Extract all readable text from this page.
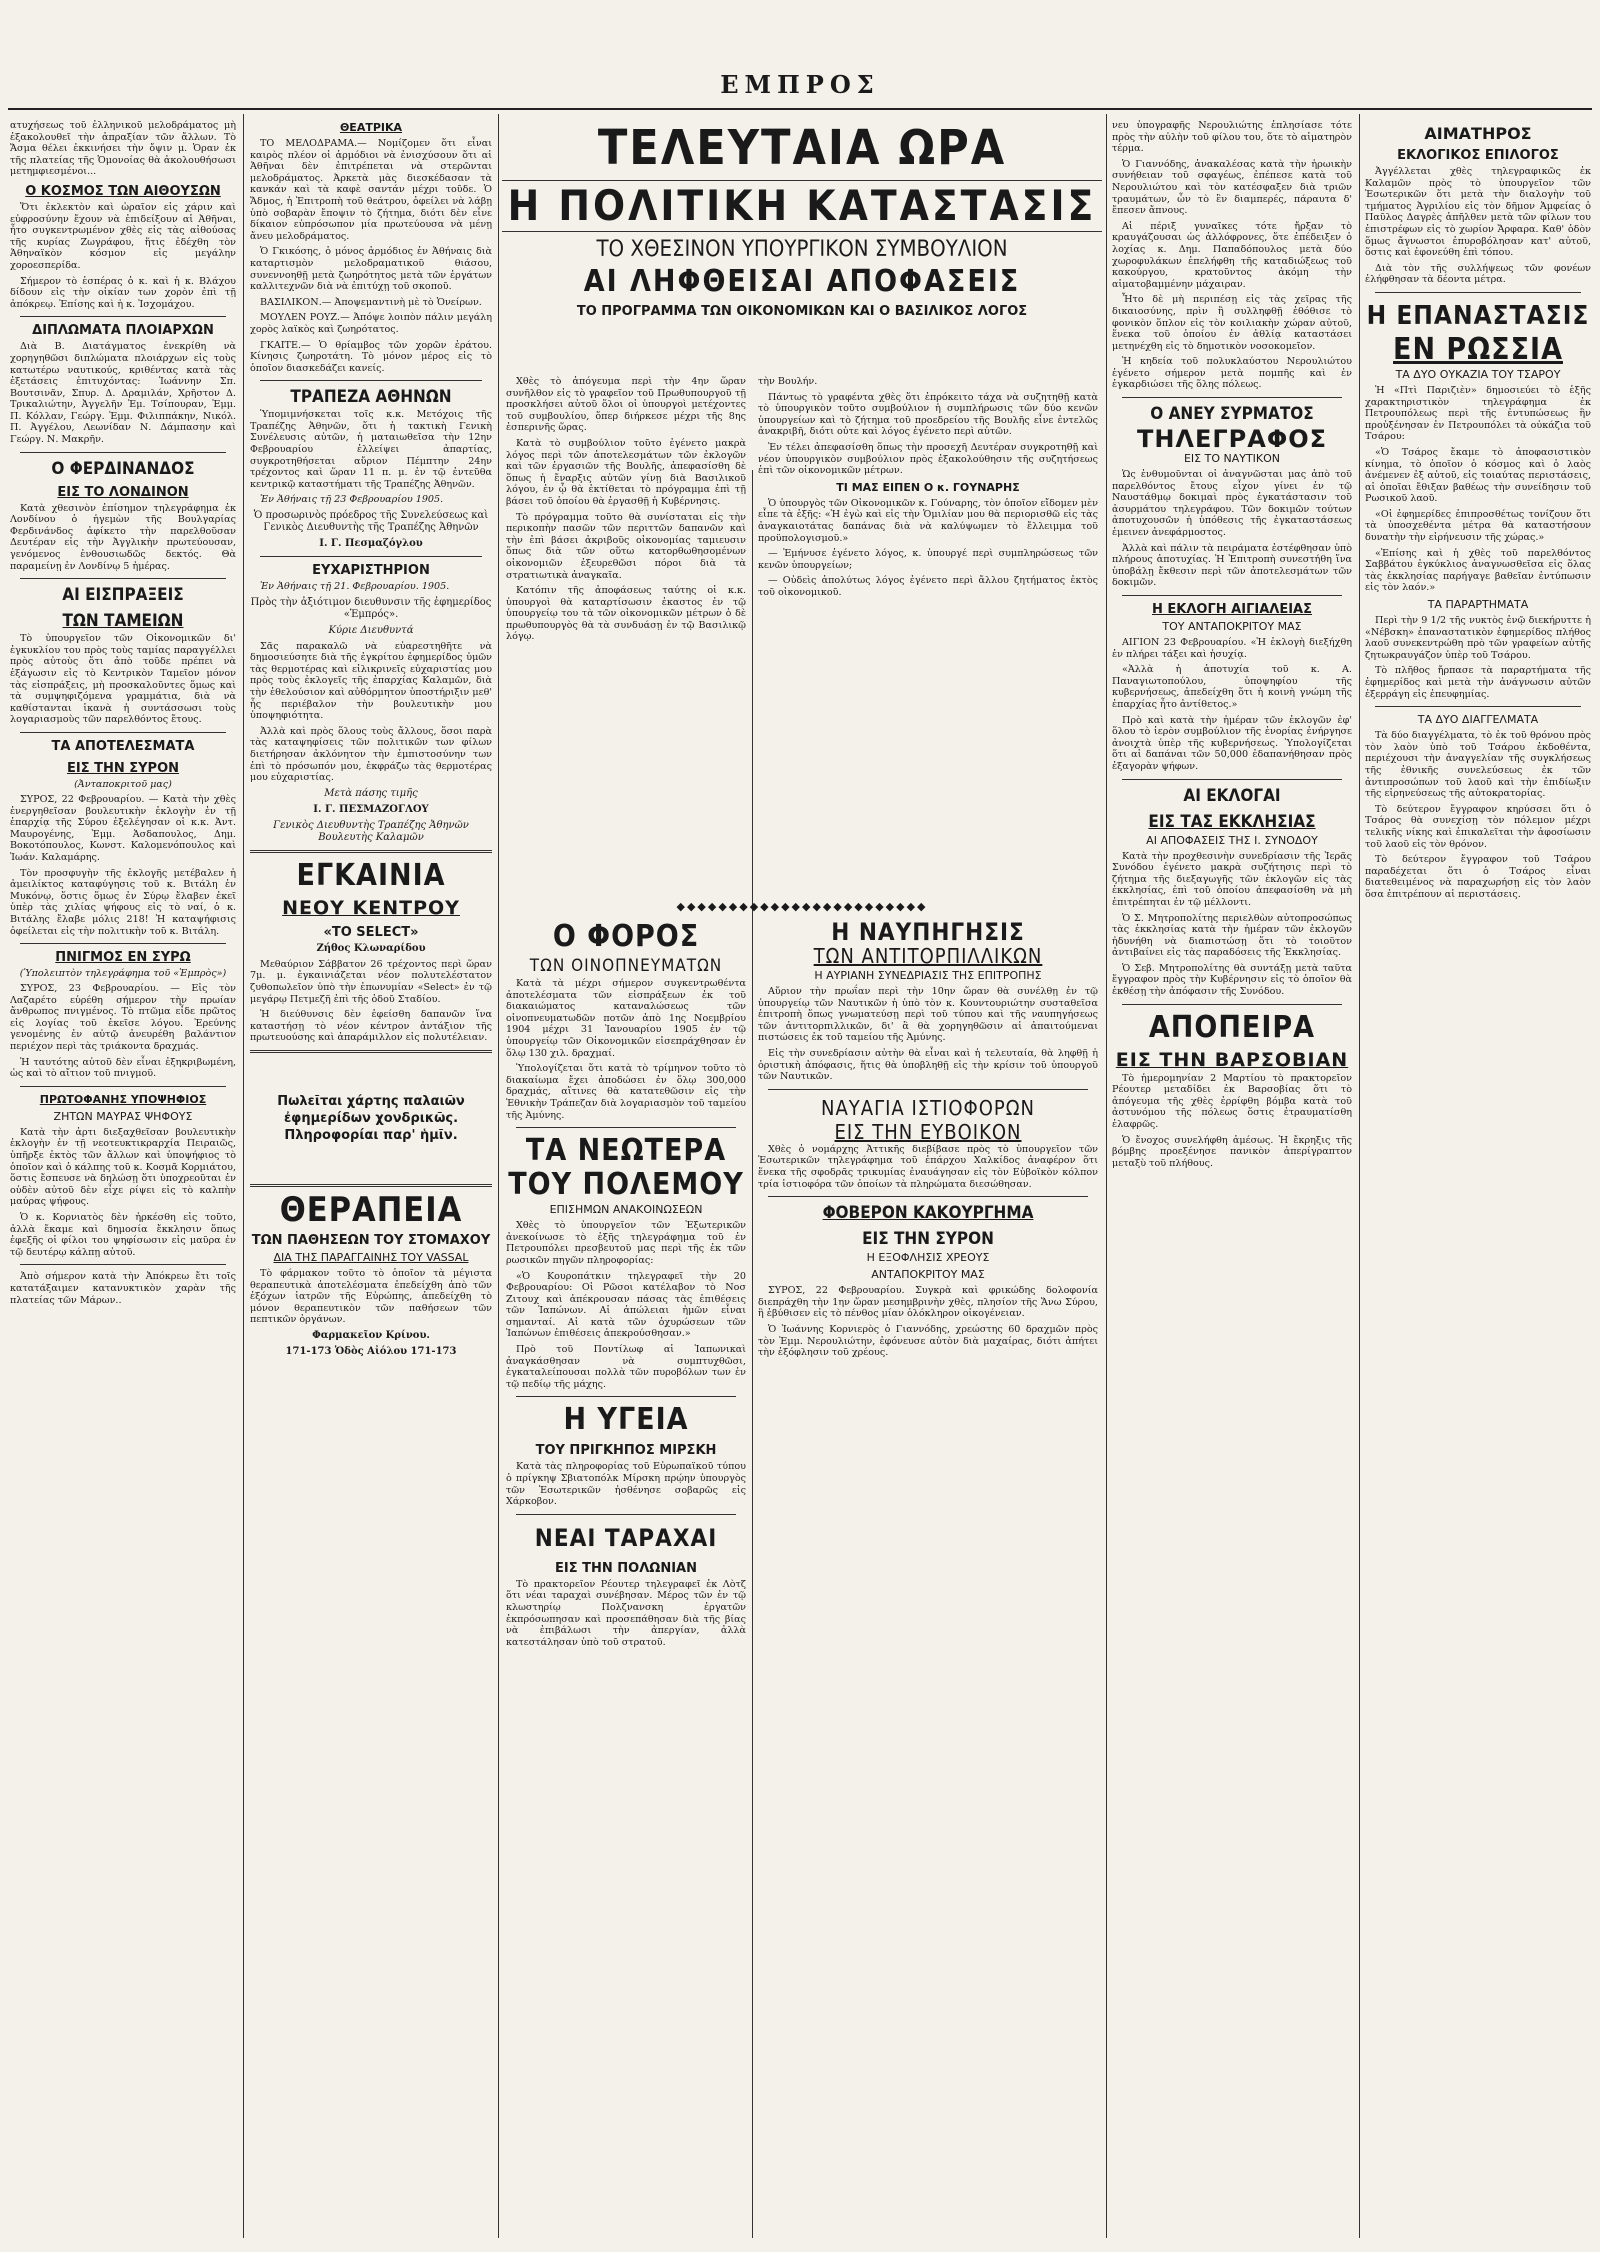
ΕΜΠΡΟΣ

ατυχήσεως τοῦ ἐλληνικοῦ μελοδράματος μὴ ἐξακολουθεῖ τὴν ἀπραξίαν τῶν ἄλλων. Τὸ Ἄσμα θέλει ἐκκινήσει τὴν ὄψιν μ. Ὁραν ἐκ τῆς πλατείας τῆς Ὁμονοίας θὰ ἀκολουθήσωσι μετημφιεσμένοι...

Ο ΚΟΣΜΟΣ ΤΩΝ ΑΙΘΟΥΣΩΝ

Ὅτι ἐκλεκτὸν καὶ ὡραῖον εἰς χάριν καὶ εὐφροσύνην ἔχουν νὰ ἐπιδείξουν αἱ Ἀθῆναι, ἦτο συγκεντρωμένον χθὲς εἰς τὰς αἰθούσας τῆς κυρίας Ζωγράφου, ἥτις ἐδέχθη τὸν Ἀθηναϊκὸν κόσμον εἰς μεγάλην χοροεσπερίδα.

Σήμερον τὸ ἑσπέρας ὁ κ. καὶ ἡ κ. Βλάχου δίδουν εἰς τὴν οἰκίαν των χορὸν ἐπὶ τῇ ἀπόκρεῳ. Ἐπίσης καὶ ἡ κ. Ἰσχομάχου.

ΔΙΠΛΩΜΑΤΑ ΠΛΟΙΑΡΧΩΝ

Διὰ Β. Διατάγματος ἐνεκρίθη νὰ χορηγηθῶσι διπλώματα πλοιάρχων εἰς τοὺς κατωτέρω ναυτικούς, κριθέντας κατὰ τὰς ἐξετάσεις ἐπιτυχόντας: Ἰωάννην Σπ. Βουτσινᾶν, Σπυρ. Δ. Δραμιλάν, Χρῆστον Δ. Τρικαλιώτην, Ἀγγελῆν Ἐμ. Τσίπουραν, Ἐμμ. Π. Κόλλαν, Γεώργ. Ἐμμ. Φιλιππάκην, Νικόλ. Π. Ἀγγέλου, Λεωνίδαν Ν. Δάμπασην καὶ Γεώργ. Ν. Μακρῆν.

Ο ΦΕΡΔΙΝΑΝΔΟΣ
ΕΙΣ ΤΟ ΛΟΝΔΙΝΟΝ

Κατὰ χθεσινὸν ἐπίσημον τηλεγράφημα ἐκ Λονδίνου ὁ ἡγεμὼν τῆς Βουλγαρίας Φερδινάνδος ἀφίκετο τὴν παρελθοῦσαν Δευτέραν εἰς τὴν Ἀγγλικὴν πρωτεύουσαν, γενόμενος ἐνθουσιωδῶς δεκτός. Θὰ παραμείνῃ ἐν Λονδίνῳ 5 ἡμέρας.

ΑΙ ΕΙΣΠΡΑΞΕΙΣ
ΤΩΝ ΤΑΜΕΙΩΝ

Τὸ ὑπουργεῖον τῶν Οἰκονομικῶν δι' ἐγκυκλίου του πρὸς τοὺς ταμίας παραγγέλλει πρὸς αὐτοὺς ὅτι ἀπὸ τοῦδε πρέπει νὰ ἐξάγωσιν εἰς τὸ Κεντρικὸν Ταμεῖον μόνον τὰς εἰσπράξεις, μὴ προσκαλοῦντες ὅμως καὶ τὰ συμψηφιζόμενα γραμμάτια, διὰ νὰ καθίστανται ἱκανὰ ἡ συντάσσωσι τοὺς λογαριασμοὺς τῶν παρελθόντος ἔτους.

ΤΑ ΑΠΟΤΕΛΕΣΜΑΤΑ
ΕΙΣ ΤΗΝ ΣΥΡΟΝ
(Ἀνταποκριτοῦ μας)

ΣΥΡΟΣ, 22 Φεβρουαρίου. — Κατὰ τὴν χθὲς ἐνεργηθεῖσαν βουλευτικὴν ἐκλογὴν ἐν τῇ ἐπαρχίᾳ τῆς Σύρου ἐξελέγησαν οἱ κ.κ. Ἀντ. Μαυρογένης, Ἐμμ. Ἀσδαπουλος, Δημ. Βοκοτόπουλος, Κωνστ. Καλομενόπουλος καὶ Ἰωάν. Καλαμάρης.

Τὸν προσφυγὴν τῆς ἐκλογῆς μετέβαλεν ἡ ἀμειλίκτος καταφύγησις τοῦ κ. Βιτάλη ἐν Μυκόνῳ, ὅστις ὅμως ἐν Σύρῳ ἔλαβεν ἐκεῖ ὑπὲρ τὰς χιλίας ψήφους εἰς τὸ ναί, ὁ κ. Βιτάλης ἔλαβε μόλις 218! Ἡ καταψήφισις ὀφείλεται εἰς τὴν πολιτικὴν τοῦ κ. Βιτάλη.

ΠΝΙΓΜΟΣ ΕΝ ΣΥΡΩ
(Ὑπολειπτὸν τηλεγράφημα τοῦ «Ἐμπρὸς»)

ΣΥΡΟΣ, 23 Φεβρουαρίου. — Εἰς τὸν Λαζαρέτο εὑρέθη σήμερον τὴν πρωίαν ἄνθρωπος πνιγμένος. Τὸ πτῶμα εἶδε πρῶτος εἰς λογίας τοῦ ἐκεῖσε λόγου. Ἐρεύνης γενομένης ἐν αὐτῷ ἀνευρέθη βαλάντιον περιέχον περὶ τὰς τριάκοντα δραχμάς.

Ἡ ταυτότης αὐτοῦ δὲν εἶναι ἐξηκριβωμένη, ὡς καὶ τὸ αἴτιον τοῦ πνιγμοῦ.

ΠΡΩΤΟΦΑΝΗΣ ΥΠΟΨΗΦΙΟΣ
ΖΗΤΩΝ ΜΑΥΡΑΣ ΨΗΦΟΥΣ

Κατὰ τὴν ἀρτι διεξαχθεῖσαν βουλευτικὴν ἐκλογὴν ἐν τῇ νεοτευκτικραρχία Πειραιῶς, ὑπῆρξε ἐκτὸς τῶν ἄλλων καὶ ὑποψήφιος τὸ ὁποῖον καὶ ὁ κάλπης τοῦ κ. Κοσμᾶ Κορμιάτου, ὅστις ἔσπευσε νὰ δηλώσῃ ὅτι ὑποχρεοῦται ἐν οὐδὲν αὐτοῦ δὲν εἶχε ρίψει εἰς τὸ καλπὴν μαύρας ψήφους.

Ὁ κ. Κορνιατὸς δὲν ἠρκέσθη εἰς τοῦτο, ἀλλὰ ἔκαμε καὶ δημοσία ἔκκλησιν ὅπως ἐφεξῆς οἱ φίλοι του ψηφίσωσιν εἰς μαῦρα ἐν τῷ δευτέρῳ κάλπῃ αὐτοῦ.

Ἀπὸ σήμερον κατὰ τὴν Ἀπόκρεω ἔτι τοῖς κατατάξαιμεν κατανυκτικὸν χαρὰν τῆς πλατείας τῶν Μάρων..

ΘΕΑΤΡΙΚΑ

ΤΟ ΜΕΛΟΔΡΑΜΑ.— Νομίζομεν ὅτι εἶναι καιρὸς πλέον οἱ ἁρμόδιοι νὰ ἐνισχύσουν ὅτι αἱ Ἀθῆναι δὲν ἐπιτρέπεται νὰ στερῶνται μελοδράματος. Ἀρκετὰ μὰς διεσκέδασαν τὰ κανκάν καὶ τὰ καφὲ σαντάν μέχρι τοῦδε. Ὁ Ἄδμος, ἡ Ἐπιτροπὴ τοῦ θεάτρου, ὀφείλει νὰ λάβῃ ὑπὸ σοβαρὰν ἔποψιν τὸ ζήτημα, διότι δὲν εἶνε δίκαιον εὐπρόσωπον μία πρωτεύουσα νὰ μένῃ ἄνευ μελοδράματος.

Ὁ Γκικόσης, ὁ μόνος ἁρμόδιος ἐν Ἀθήναις διὰ καταρτισμὸν μελοδραματικοῦ θιάσου, συνεννοηθῇ μετὰ ζωηρότητος μετὰ τῶν ἐργάτων καλλιτεχνῶν διὰ νὰ ἐπιτύχῃ τοῦ σκοποῦ.

ΒΑΣΙΛΙΚΟΝ.— Ἀποψεμαντινὴ μὲ τὸ Ὁνείρων.

ΜΟΥΛΕΝ ΡΟΥΖ.— Ἀπόψε λοιπὸν πάλιν μεγάλη χορὸς λαϊκὸς καὶ ζωηρότατος.

ΓΚΑΙΤΕ.— Ὁ θρίαμβος τῶν χορῶν ἐράτου. Κίνησις ζωηροτάτη. Τὸ μόνον μέρος εἰς τὸ ὁποῖον διασκεδάζει κανείς.

ΤΡΑΠΕΖΑ ΑΘΗΝΩΝ

Ὑπομιμνήσκεται τοῖς κ.κ. Μετόχοις τῆς Τραπέζης Ἀθηνῶν, ὅτι ἡ τακτικὴ Γενικὴ Συνέλευσις αὐτῶν, ἡ ματαιωθεῖσα τὴν 12ην Φεβρουαρίου ἐλλείψει ἀπαρτίας, συγκροτηθήσεται αὔριον Πέμπτην 24ην τρέχοντος καὶ ὥραν 11 π. μ. ἐν τῷ ἐντεῦθα κεντρικῷ καταστήματι τῆς Τραπέζης Ἀθηνῶν.

Ἐν Ἀθήναις τῇ 23 Φεβρουαρίου 1905.

Ὁ προσωρινὸς πρόεδρος τῆς Συνελεύσεως καὶ Γενικὸς Διευθυντὴς τῆς Τραπέζης Ἀθηνῶν
Ι. Γ. Πεσμαζόγλου
ΕΥΧΑΡΙΣΤΗΡΙΟΝ

Ἐν Ἀθήναις τῇ 21. Φεβρουαρίου. 1905.

Πρὸς τὴν ἀξιότιμον διευθυνσιν τῆς ἐφημερίδος «Ἐμπρός».
Κύριε Διευθυντά

Σᾶς παρακαλῶ νὰ εὐαρεστηθῆτε νὰ δημοσιεύσητε διὰ τῆς ἐγκρίτου ἐφημερίδος ὑμῶν τὰς θερμοτέρας καὶ εἰλικρινεῖς εὐχαριστίας μου πρὸς τοὺς ἐκλογεῖς τῆς ἐπαρχίας Καλαμῶν, διὰ τὴν ἐθελούσιον καὶ αὐθόρμητον ὑποστήριξιν μεθ' ἧς περιέβαλον τὴν βουλευτικὴν μου ὑποψηφιότητα.

Ἀλλὰ καὶ πρὸς ὅλους τοὺς ἄλλους, ὅσοι παρὰ τὰς καταψηφίσεις τῶν πολιτικῶν των φίλων διετήρησαν ἀκλόνητον τὴν ἐμπιστοσύνην των ἐπὶ τὸ πρόσωπόν μου, ἐκφράζω τὰς θερμοτέρας μου εὐχαριστίας.

Μετὰ πάσης τιμῆς
Ι. Γ. ΠΕΣΜΑΖΟΓΛΟΥ
Γενικὸς Διευθυντὴς Τραπέζης Ἀθηνῶν Βουλευτὴς Καλαμῶν
ΕΓΚΑΙΝΙΑ
ΝΕΟΥ ΚΕΝΤΡΟΥ
«ΤΟ SELECT»
Ζήθος Κλωναρίδου

Μεθαύριον Σάββατον 26 τρέχοντος περὶ ὥραν 7μ. μ. ἐγκαινιάζεται νέον πολυτελέστατον ζυθοπωλεῖον ὑπὸ τὴν ἐπωνυμίαν «Select» ἐν τῷ μεγάρῳ Πετμεζῆ ἐπὶ τῆς ὁδοῦ Σταδίου.

Ἡ διεύθυνσις δὲν ἐφείσθη δαπανῶν ἵνα καταστήσῃ τὸ νέον κέντρον ἀντάξιον τῆς πρωτευούσης καὶ ἀπαράμιλλον εἰς πολυτέλειαν.

Πωλεῖται χάρτης παλαιῶν ἐφημερίδων χονδρικῶς. Πληροφορίαι παρ' ἡμῖν.
ΘΕΡΑΠΕΙΑ
ΤΩΝ ΠΑΘΗΣΕΩΝ ΤΟΥ ΣΤΟΜΑΧΟΥ
ΔΙΑ ΤΗΣ ΠΑΡΑΓΓΑΙΝΗΣ ΤΟΥ VASSAL

Τὸ φάρμακον τοῦτο τὸ ὁποῖον τὰ μέγιστα θεραπευτικὰ ἀποτελέσματα ἐπεδείχθη ἀπὸ τῶν ἐξόχων ἰατρῶν τῆς Εὐρώπης, ἀπεδείχθη τὸ μόνον θεραπευτικὸν τῶν παθήσεων τῶν πεπτικῶν ὀργάνων.

Φαρμακεῖον Κρίνου.
171-173 Ὁδὸς Αἰόλου 171-173
ΤΕΛΕΥΤΑΙΑ ΩΡΑ
Η ΠΟΛΙΤΙΚΗ ΚΑΤΑΣΤΑΣΙΣ
ΤΟ ΧΘΕΣΙΝΟΝ ΥΠΟΥΡΓΙΚΟΝ ΣΥΜΒΟΥΛΙΟΝ
ΑΙ ΛΗΦΘΕΙΣΑΙ ΑΠΟΦΑΣΕΙΣ
ΤΟ ΠΡΟΓΡΑΜΜΑ ΤΩΝ ΟΙΚΟΝΟΜΙΚΩΝ ΚΑΙ Ο ΒΑΣΙΛΙΚΟΣ ΛΟΓΟΣ

Χθὲς τὸ ἀπόγευμα περὶ τὴν 4ην ὥραν συνῆλθον εἰς τὸ γραφεῖον τοῦ Πρωθυπουργοῦ τῇ προσκλήσει αὐτοῦ ὅλοι οἱ ὑπουργοὶ μετέχοντες τοῦ συμβουλίου, ὅπερ διήρκεσε μέχρι τῆς 8ης ἑσπερινῆς ὥρας.

Κατὰ τὸ συμβούλιον τοῦτο ἐγένετο μακρὰ λόγος περὶ τῶν ἀποτελεσμάτων τῶν ἐκλογῶν καὶ τῶν ἐργασιῶν τῆς Βουλῆς, ἀπεφασίσθη δὲ ὅπως ἡ ἔναρξις αὐτῶν γίνῃ διὰ Βασιλικοῦ λόγου, ἐν ᾧ θὰ ἐκτίθεται τὸ πρόγραμμα ἐπὶ τῇ βάσει τοῦ ὁποίου θὰ ἐργασθῇ ἡ Κυβέρνησις.

Τὸ πρόγραμμα τοῦτο θὰ συνίσταται εἰς τὴν περικοπὴν πασῶν τῶν περιττῶν δαπανῶν καὶ τὴν ἐπὶ βάσει ἀκριβοῦς οἰκονομίας ταμιευσιν ὅπως διὰ τῶν οὕτω κατορθωθησομένων οἰκονομιῶν ἐξευρεθῶσι πόροι διὰ τὰ στρατιωτικὰ ἀναγκαῖα.

Κατόπιν τῆς ἀποφάσεως ταύτης οἱ κ.κ. ὑπουργοὶ θὰ καταρτίσωσιν ἐκαστος ἐν τῷ ὑπουργείῳ του τὰ τῶν οἰκονομικῶν μέτρων ὁ δὲ πρωθυπουργὸς θὰ τὰ συνδυάσῃ ἐν τῷ Βασιλικῷ λόγῳ.

τὴν Βουλήν.

Πάντως τὸ γραφέντα χθὲς ὅτι ἐπρόκειτο τάχα νὰ συζητηθῇ κατὰ τὸ ὑπουργικὸν τοῦτο συμβούλιον ἡ συμπλήρωσις τῶν δύο κενῶν ὑπουργείων καὶ τὸ ζήτημα τοῦ προεδρείου τῆς Βουλῆς εἶνε ἐντελῶς ἀνακριβῆ, διότι οὐτε καὶ λόγος ἐγένετο περὶ αὐτῶν.

Ἐν τέλει ἀπεφασίσθη ὅπως τὴν προσεχῆ Δευτέραν συγκροτηθῇ καὶ νέον ὑπουργικὸν συμβούλιον πρὸς ἐξακολούθησιν τῆς συζητήσεως ἐπὶ τῶν οἰκονομικῶν μέτρων.

ΤΙ ΜΑΣ ΕΙΠΕΝ Ο κ. ΓΟΥΝΑΡΗΣ

Ὁ ὑπουργὸς τῶν Οἰκονομικῶν κ. Γούναρης, τὸν ὁποῖον εἴδομεν μὲν εἶπε τὰ ἑξῆς: «Ἡ ἐγὼ καὶ εἰς τὴν Ὁμιλίαν μου θὰ περιορισθῶ εἰς τὰς ἀναγκαιοτάτας δαπάνας διὰ νὰ καλύψωμεν τὸ ἔλλειμμα τοῦ προϋπολογισμοῦ.»

— Ἐμήνυσε ἐγένετο λόγος, κ. ὑπουργέ περὶ συμπληρώσεως τῶν κενῶν ὑπουργείων;

— Οὐδεὶς ἀπολύτως λόγος ἐγένετο περὶ ἄλλου ζητήματος ἐκτὸς τοῦ οἰκονομικοῦ.

◆◆◆◆◆◆◆◆◆◆◆◆◆◆◆◆◆◆◆◆◆◆◆◆
Ο ΦΟΡΟΣ
ΤΩΝ ΟΙΝΟΠΝΕΥΜΑΤΩΝ

Κατὰ τὰ μέχρι σήμερον συγκεντρωθέντα ἀποτελέσματα τῶν εἰσπράξεων ἐκ τοῦ διακαιώματος καταναλώσεως τῶν οἰνοπνευματωδῶν ποτῶν ἀπὸ 1ης Νοεμβρίου 1904 μέχρι 31 Ἰανουαρίου 1905 ἐν τῷ ὑπουργείῳ τῶν Οἰκονομικῶν εἰσεπράχθησαν ἐν ὅλῳ 130 χιλ. δραχμαί.

Ὑπολογίζεται ὅτι κατὰ τὸ τρίμηνον τοῦτο τὸ διακαίωμα ἔχει ἀποδώσει ἐν ὅλῳ 300,000 δραχμάς, αἵτινες θὰ κατατεθῶσιν εἰς τὴν Ἐθνικὴν Τράπεζαν διὰ λογαριασμὸν τοῦ ταμείου τῆς Ἀμύνης.

ΤΑ ΝΕΩΤΕΡΑ
ΤΟΥ ΠΟΛΕΜΟΥ
ΕΠΙΣΗΜΩΝ ΑΝΑΚΟΙΝΩΣΕΩΝ

Χθὲς τὸ ὑπουργεῖον τῶν Ἐξωτερικῶν ἀνεκοίνωσε τὸ ἑξῆς τηλεγράφημα τοῦ ἐν Πετρουπόλει πρεσβευτοῦ μας περὶ τῆς ἐκ τῶν ρωσικῶν πηγῶν πληροφορίας:

«Ὁ Κουροπάτκιν τηλεγραφεῖ τὴν 20 Φεβρουαρίου: Οἱ Ρῶσοι κατέλαβον τὸ Νοσ Ζιτουχ καὶ ἀπέκρουσαν πάσας τὰς ἐπιθέσεις τῶν Ἰαπώνων. Αἱ ἀπώλειαι ἡμῶν εἶναι σημανταί. Αἱ κατὰ τῶν ὀχυρώσεων τῶν Ἰαπώνων ἐπιθέσεις ἀπεκρούσθησαν.»

Πρὸ τοῦ Ποντίλωφ αἱ Ἰαπωνικαὶ ἀναγκάσθησαν νὰ συμπτυχθῶσι, ἐγκαταλείπουσαι πολλὰ τῶν πυροβόλων των ἐν τῷ πεδίῳ τῆς μάχης.

Η ΥΓΕΙΑ
ΤΟΥ ΠΡΙΓΚΗΠΟΣ ΜΙΡΣΚΗ

Κατὰ τὰς πληροφορίας τοῦ Εὐρωπαϊκοῦ τύπου ὁ πρίγκηψ Σβιατοπόλκ Μίρσκη πρῴην ὑπουργὸς τῶν Ἐσωτερικῶν ἠσθένησε σοβαρῶς εἰς Χάρκοβον.

ΝΕΑΙ ΤΑΡΑΧΑΙ
ΕΙΣ ΤΗΝ ΠΟΛΩΝΙΑΝ

Τὸ πρακτορεῖον Ρέουτερ τηλεγραφεῖ ἐκ Λὸτζ ὅτι νέαι ταραχαὶ συνέβησαν. Μέρος τῶν ἐν τῷ κλωστηρίῳ Πολζνανσκη ἐργατῶν ἐκπρόσωπησαν καὶ προσεπάθησαν διὰ τῆς βίας νὰ ἐπιβάλωσι τὴν ἀπεργίαν, ἀλλὰ κατεστάλησαν ὑπὸ τοῦ στρατοῦ.

Η ΝΑΥΠΗΓΗΣΙΣ
ΤΩΝ ΑΝΤΙΤΟΡΠΙΛΛΙΚΩΝ
Η ΑΥΡΙΑΝΗ ΣΥΝΕΔΡΙΑΣΙΣ ΤΗΣ ΕΠΙΤΡΟΠΗΣ

Αὔριον τὴν πρωΐαν περὶ τὴν 10ην ὥραν θὰ συνέλθῃ ἐν τῷ ὑπουργείῳ τῶν Ναυτικῶν ἡ ὑπὸ τὸν κ. Κουντουριώτην συσταθεῖσα ἐπιτροπὴ ὅπως γνωματεύσῃ περὶ τοῦ τύπου καὶ τῆς ναυπηγήσεως τῶν ἀντιτορπιλλικῶν, δι' ἃ θὰ χορηγηθῶσιν αἱ ἀπαιτούμεναι πιστώσεις ἐκ τοῦ ταμείου τῆς Ἀμύνης.

Εἰς τὴν συνεδρίασιν αὐτὴν θὰ εἶναι καὶ ἡ τελευταία, θὰ ληφθῇ ἡ ὁριστικὴ ἀπόφασις, ἥτις θὰ ὑποβληθῇ εἰς τὴν κρίσιν τοῦ ὑπουργοῦ τῶν Ναυτικῶν.

ΝΑΥΑΓΙΑ ΙΣΤΙΟΦΟΡΩΝ
ΕΙΣ ΤΗΝ ΕΥΒΟΙΚΟΝ

Χθὲς ὁ νομάρχης Ἀττικῆς διεβίβασε πρὸς τὸ ὑπουργεῖον τῶν Ἐσωτερικῶν τηλεγράφημα τοῦ ἐπάρχου Χαλκίδος ἀναφέρον ὅτι ἕνεκα τῆς σφοδρᾶς τρικυμίας ἐναυάγησαν εἰς τὸν Εὐβοϊκὸν κόλπον τρία ἰστιοφόρα τῶν ὁποίων τὰ πληρώματα διεσώθησαν.

ΦΟΒΕΡΟΝ ΚΑΚΟΥΡΓΗΜΑ
ΕΙΣ ΤΗΝ ΣΥΡΟΝ
Η ΕΞΟΦΛΗΣΙΣ ΧΡΕΟΥΣ
ΑΝΤΑΠΟΚΡΙΤΟΥ ΜΑΣ

ΣΥΡΟΣ, 22 Φεβρουαρίου. Συγκρὰ καὶ φρικώδης δολοφονία διεπράχθη τὴν 1ην ὥραν μεσημβρινὴν χθὲς, πλησίον τῆς Ἄνω Σύρου, ἣ ἐβύθισεν εἰς τὸ πένθος μίαν ὁλόκληρον οἰκογένειαν.

Ὁ Ἰωάννης Κορνιερὸς ὁ Γιαννόδης, χρεώστης 60 δραχμῶν πρὸς τὸν Ἐμμ. Νερουλιώτην, ἐφόνευσε αὐτὸν διὰ μαχαίρας, διότι ἀπήτει τὴν ἐξόφλησιν τοῦ χρέους.

νευ ὑπογραφῆς Νερουλιώτης ἐπλησίασε τότε πρὸς τὴν αὐλὴν τοῦ φίλου του, ὅτε τὸ αἱματηρὸν τέρμα.

Ὁ Γιαννόδης, ἀνακαλέσας κατὰ τὴν ἡρωικὴν συνήθειαν τοῦ σφαγέως, ἐπέπεσε κατὰ τοῦ Νερουλιώτου καὶ τὸν κατέσφαξεν διὰ τριῶν τραυμάτων, ὧν τὸ ἓν διαμπερές, πάραυτα δ' ἔπεσεν ἄπνους.

Αἱ πέριξ γυναῖκες τότε ἤρξαν τὸ κραυγάζουσαι ὡς ἀλλόφρονες, ὅτε ἐπέδειξεν ὁ λοχίας κ. Δημ. Παπαδόπουλος μετὰ δύο χωροφυλάκων ἐπελήφθη τῆς καταδιώξεως τοῦ κακούργου, κρατοῦντος ἀκόμη τὴν αἱματοβαμμένην μάχαιραν.

Ἦτο δὲ μὴ περιπέσῃ εἰς τὰς χεῖρας τῆς δικαιοσύνης, πρὶν ἢ συλληφθῇ ἐθόθισε τὸ φονικὸν ὅπλον εἰς τὸν κοιλιακὴν χώραν αὐτοῦ, ἕνεκα τοῦ ὁποίου ἐν ἀθλίᾳ καταστάσει μετηνέχθη εἰς τὸ δημοτικὸν νοσοκομεῖον.

Ἡ κηδεία τοῦ πολυκλαύστου Νερουλιώτου ἐγένετο σήμερον μετὰ πομπῆς καὶ ἐν ἐγκαρδιώσει τῆς ὅλης πόλεως.

Ο ΑΝΕΥ ΣΥΡΜΑΤΟΣ
ΤΗΛΕΓΡΑΦΟΣ
ΕΙΣ ΤΟ ΝΑΥΤΙΚΟΝ

Ὡς ἐνθυμοῦνται οἱ ἀναγνῶσται μας ἀπὸ τοῦ παρελθόντος ἔτους εἶχον γίνει ἐν τῷ Ναυστάθμῳ δοκιμαὶ πρὸς ἐγκατάστασιν τοῦ ἀσυρμάτου τηλεγράφου. Τῶν δοκιμῶν τούτων ἀποτυχουσῶν ἡ ὑπόθεσις τῆς ἐγκαταστάσεως ἐμεινεν ἀνεφάρμοστος.

Ἀλλὰ καὶ πάλιν τὰ πειράματα ἐστέφθησαν ὑπὸ πλήρους ἀποτυχίας. Ἡ Ἐπιτροπὴ συνεστήθη ἵνα ὑποβάλῃ ἔκθεσιν περὶ τῶν ἀποτελεσμάτων τῶν δοκιμῶν.

Η ΕΚΛΟΓΗ ΑΙΓΙΑΛΕΙΑΣ
ΤΟΥ ΑΝΤΑΠΟΚΡΙΤΟΥ ΜΑΣ

ΑΙΓΙΟΝ 23 Φεβρουαρίου. «Ἡ ἐκλογὴ διεξήχθη ἐν πλήρει τάξει καὶ ἡσυχίᾳ.

«Ἀλλὰ ἡ ἀποτυχία τοῦ κ. Α. Παναγιωτοπούλου, ὑποψηφίου τῆς κυβερνήσεως, ἀπεδείχθη ὅτι ἡ κοινὴ γνώμη τῆς ἐπαρχίας ἦτο ἀντίθετος.»

Πρὸ καὶ κατὰ τὴν ἡμέραν τῶν ἐκλογῶν ἐφ' ὅλου τὸ ἱερὸν συμβούλιον τῆς ἐνορίας ἐνήργησε ἀνοιχτὰ ὑπὲρ τῆς κυβερνήσεως. Ὑπολογίζεται ὅτι αἱ δαπάναι τῶν 50,000 ἐδαπανήθησαν πρὸς ἐξαγορὰν ψήφων.

ΑΙ ΕΚΛΟΓΑΙ
ΕΙΣ ΤΑΣ ΕΚΚΛΗΣΙΑΣ
ΑΙ ΑΠΟΦΑΣΕΙΣ ΤΗΣ Ι. ΣΥΝΟΔΟΥ

Κατὰ τὴν προχθεσινὴν συνεδρίασιν τῆς Ἱερᾶς Συνόδου ἐγένετο μακρὰ συζήτησις περὶ τὸ ζήτημα τῆς διεξαγωγῆς τῶν ἐκλογῶν εἰς τὰς ἐκκλησίας, ἐπὶ τοῦ ὁποίου ἀπεφασίσθη νὰ μὴ ἐπιτρέπηται ἐν τῷ μέλλοντι.

Ὁ Σ. Μητροπολίτης περιελθὼν αὐτοπροσώπως τὰς ἐκκλησίας κατὰ τὴν ἡμέραν τῶν ἐκλογῶν ἠδυνήθη νὰ διαπιστώσῃ ὅτι τὸ τοιοῦτον ἀντιβαίνει εἰς τὰς παραδόσεις τῆς Ἐκκλησίας.

Ὁ Σεβ. Μητροπολίτης θὰ συντάξῃ μετὰ ταῦτα ἔγγραφον πρὸς τὴν Κυβέρνησιν εἰς τὸ ὁποῖον θὰ ἐκθέσῃ τὴν ἀπόφασιν τῆς Συνόδου.

ΑΠΟΠΕΙΡΑ
ΕΙΣ ΤΗΝ ΒΑΡΣΟΒΙΑΝ

Τὸ ἡμερομηνίαν 2 Μαρτίου τὸ πρακτορεῖον Ρέουτερ μεταδίδει ἐκ Βαρσοβίας ὅτι τὸ ἀπόγευμα τῆς χθὲς ἐρρίφθη βόμβα κατὰ τοῦ ἀστυνόμου τῆς πόλεως ὅστις ἐτραυματίσθη ἐλαφρῶς.

Ὁ ἔνοχος συνελήφθη ἀμέσως. Ἡ ἔκρηξις τῆς βόμβης προεξένησε πανικὸν ἀπερίγραπτον μεταξὺ τοῦ πλήθους.

ΑΙΜΑΤΗΡΟΣ
ΕΚΛΟΓΙΚΟΣ ΕΠΙΛΟΓΟΣ

Ἀγγέλλεται χθὲς τηλεγραφικῶς ἐκ Καλαμῶν πρὸς τὸ ὑπουργεῖον τῶν Ἐσωτερικῶν ὅτι μετὰ τὴν διαλογὴν τοῦ τμήματος Ἀγριλίου εἰς τὸν δῆμον Ἀμφείας ὁ Παῦλος Δαγρὲς ἀπῆλθεν μετὰ τῶν φίλων του ἐπιστρέφων εἰς τὸ χωρίον Ἄρφαρα. Καθ' ὁδὸν ὅμως ἄγνωστοι ἐπυροβόλησαν κατ' αὐτοῦ, ὅστις καὶ ἐφονεύθη ἐπὶ τόπου.

Διὰ τὸν τῆς συλλήψεως τῶν φονέων ἐλήφθησαν τὰ δέοντα μέτρα.

Η ΕΠΑΝΑΣΤΑΣΙΣ
ΕΝ ΡΩΣΣΙΑ
ΤΑ ΔΥΟ ΟΥΚΑΖΙΑ ΤΟΥ ΤΣΑΡΟΥ

Ἡ «Πτὶ Παριζιὲν» δημοσιεύει τὸ ἑξῆς χαρακτηριστικὸν τηλεγράφημα ἐκ Πετρουπόλεως περὶ τῆς ἐντυπώσεως ἣν προὐξένησαν ἐν Πετρουπόλει τὰ οὐκάζια τοῦ Τσάρου:

«Ὁ Τσάρος ἔκαμε τὸ ἀποφασιστικὸν κίνημα, τὸ ὁποῖον ὁ κόσμος καὶ ὁ λαὸς ἀνέμενεν ἐξ αὐτοῦ, εἰς τοιαύτας περιστάσεις, αἱ ὁποῖαι ἔθιξαν βαθέως τὴν συνείδησιν τοῦ Ρωσικοῦ λαοῦ.

«Οἱ ἐφημερίδες ἐπιπροσθέτως τονίζουν ὅτι τὰ ὑποσχεθέντα μέτρα θὰ καταστήσουν δυνατὴν τὴν εἰρήνευσιν τῆς χώρας.»

«Ἐπίσης καὶ ἡ χθὲς τοῦ παρελθόντος Σαββάτου ἐγκύκλιος ἀναγνωσθεῖσα εἰς ὅλας τὰς ἐκκλησίας παρήγαγε βαθεῖαν ἐντύπωσιν εἰς τὸν λαόν.»

ΤΑ ΠΑΡΑΡΤΗΜΑΤΑ

Περὶ τὴν 9 1/2 τῆς νυκτὸς ἐνῷ διεκήρυττε ἡ «Νέβσκη» ἐπαναστατικὸν ἐφημερίδος πλήθος λαοῦ συνεκεντρώθη πρὸ τῶν γραφείων αὐτῆς ζητωκραυγάζον ὑπὲρ τοῦ Τσάρου.

Τὸ πλῆθος ἤρπασε τὰ παραρτήματα τῆς ἐφημερίδος καὶ μετὰ τὴν ἀνάγνωσιν αὐτῶν ἐξερράγη εἰς ἐπευφημίας.

ΤΑ ΔΥΟ ΔΙΑΓΓΕΛΜΑΤΑ

Τὰ δύο διαγγέλματα, τὸ ἐκ τοῦ θρόνου πρὸς τὸν λαὸν ὑπὸ τοῦ Τσάρου ἐκδοθέντα, περιέχουσι τὴν ἀναγγελίαν τῆς συγκλήσεως τῆς ἐθνικῆς συνελεύσεως ἐκ τῶν ἀντιπροσώπων τοῦ λαοῦ καὶ τὴν ἐπιδίωξιν τῆς εἰρηνεύσεως τῆς αὐτοκρατορίας.

Τὸ δεύτερον ἔγγραφον κηρύσσει ὅτι ὁ Τσάρος θὰ συνεχίσῃ τὸν πόλεμον μέχρι τελικῆς νίκης καὶ ἐπικαλεῖται τὴν ἀφοσίωσιν τοῦ λαοῦ εἰς τὸν θρόνον.

Τὸ δεύτερον ἔγγραφον τοῦ Τσάρου παραδέχεται ὅτι ὁ Τσάρος εἶναι διατεθειμένος νὰ παραχωρήσῃ εἰς τὸν λαὸν ὅσα ἐπιτρέπουν αἱ περιστάσεις.
